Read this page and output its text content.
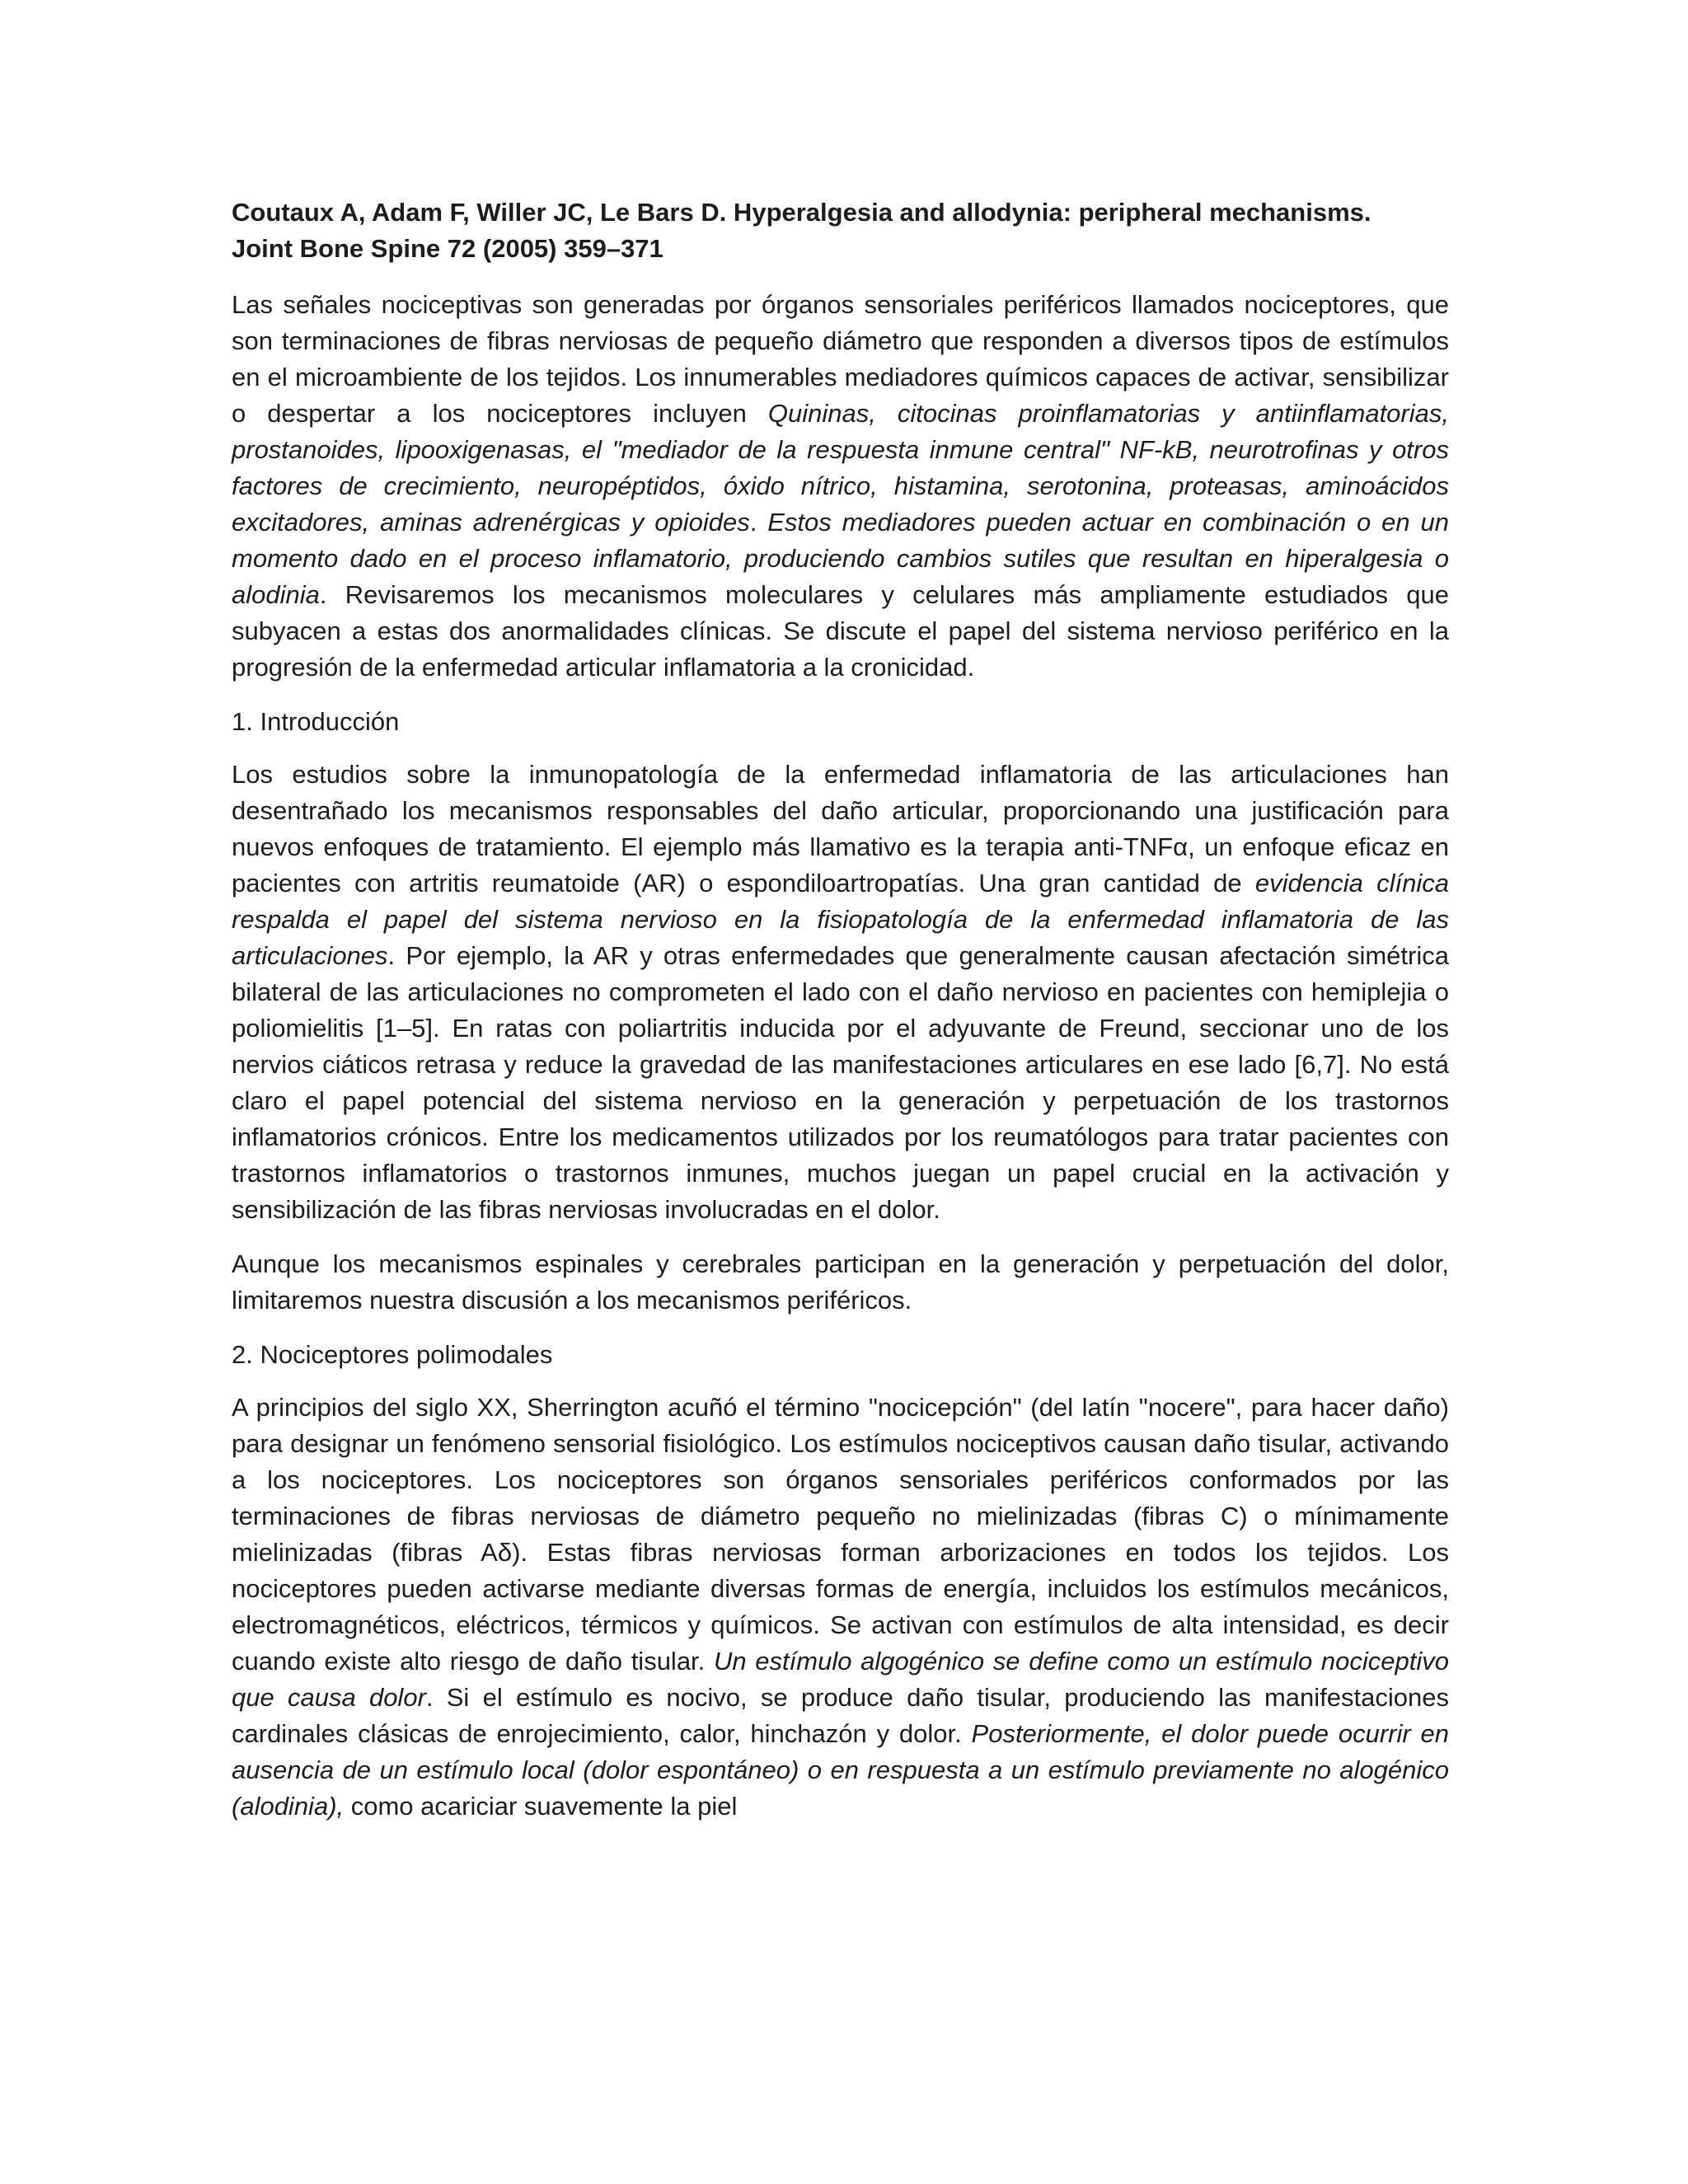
Coutaux A, Adam F, Willer JC, Le Bars D. Hyperalgesia and allodynia: peripheral mechanisms.
Joint Bone Spine 72 (2005) 359–371

Las señales nociceptivas son generadas por órganos sensoriales periféricos llamados nociceptores, que son terminaciones de fibras nerviosas de pequeño diámetro que responden a diversos tipos de estímulos en el microambiente de los tejidos. Los innumerables mediadores químicos capaces de activar, sensibilizar o despertar a los nociceptores incluyen Quininas, citocinas proinflamatorias y antiinflamatorias, prostanoides, lipooxigenasas, el "mediador de la respuesta inmune central" NF-kB, neurotrofinas y otros factores de crecimiento, neuropéptidos, óxido nítrico, histamina, serotonina, proteasas, aminoácidos excitadores, aminas adrenérgicas y opioides. Estos mediadores pueden actuar en combinación o en un momento dado en el proceso inflamatorio, produciendo cambios sutiles que resultan en hiperalgesia o alodinia. Revisaremos los mecanismos moleculares y celulares más ampliamente estudiados que subyacen a estas dos anormalidades clínicas. Se discute el papel del sistema nervioso periférico en la progresión de la enfermedad articular inflamatoria a la cronicidad.

1. Introducción

Los estudios sobre la inmunopatología de la enfermedad inflamatoria de las articulaciones han desentrañado los mecanismos responsables del daño articular, proporcionando una justificación para nuevos enfoques de tratamiento. El ejemplo más llamativo es la terapia anti-TNFα, un enfoque eficaz en pacientes con artritis reumatoide (AR) o espondiloartropatías. Una gran cantidad de evidencia clínica respalda el papel del sistema nervioso en la fisiopatología de la enfermedad inflamatoria de las articulaciones. Por ejemplo, la AR y otras enfermedades que generalmente causan afectación simétrica bilateral de las articulaciones no comprometen el lado con el daño nervioso en pacientes con hemiplejia o poliomielitis [1–5]. En ratas con poliartritis inducida por el adyuvante de Freund, seccionar uno de los nervios ciáticos retrasa y reduce la gravedad de las manifestaciones articulares en ese lado [6,7]. No está claro el papel potencial del sistema nervioso en la generación y perpetuación de los trastornos inflamatorios crónicos. Entre los medicamentos utilizados por los reumatólogos para tratar pacientes con trastornos inflamatorios o trastornos inmunes, muchos juegan un papel crucial en la activación y sensibilización de las fibras nerviosas involucradas en el dolor.

Aunque los mecanismos espinales y cerebrales participan en la generación y perpetuación del dolor, limitaremos nuestra discusión a los mecanismos periféricos.

2. Nociceptores polimodales

A principios del siglo XX, Sherrington acuñó el término "nocicepción" (del latín "nocere", para hacer daño) para designar un fenómeno sensorial fisiológico. Los estímulos nociceptivos causan daño tisular, activando a los nociceptores. Los nociceptores son órganos sensoriales periféricos conformados por las terminaciones de fibras nerviosas de diámetro pequeño no mielinizadas (fibras C) o mínimamente mielinizadas (fibras Aδ). Estas fibras nerviosas forman arborizaciones en todos los tejidos. Los nociceptores pueden activarse mediante diversas formas de energía, incluidos los estímulos mecánicos, electromagnéticos, eléctricos, térmicos y químicos. Se activan con estímulos de alta intensidad, es decir cuando existe alto riesgo de daño tisular. Un estímulo algogénico se define como un estímulo nociceptivo que causa dolor. Si el estímulo es nocivo, se produce daño tisular, produciendo las manifestaciones cardinales clásicas de enrojecimiento, calor, hinchazón y dolor. Posteriormente, el dolor puede ocurrir en ausencia de un estímulo local (dolor espontáneo) o en respuesta a un estímulo previamente no alogénico (alodinia), como acariciar suavemente la piel
